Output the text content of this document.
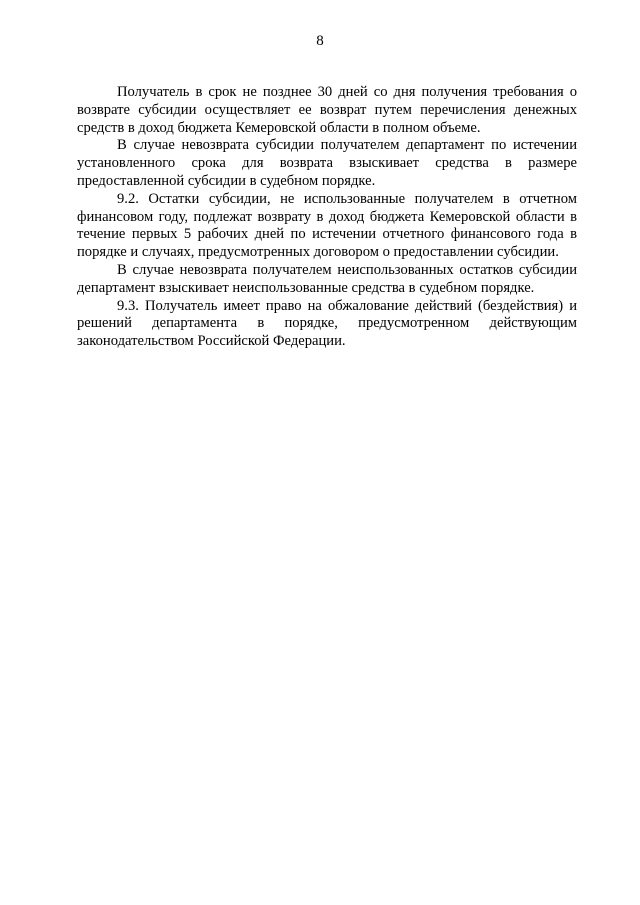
8

Получатель в срок не позднее 30 дней со дня получения требования о возврате субсидии осуществляет ее возврат путем перечисления денежных средств в доход бюджета Кемеровской области в полном объеме.

В случае невозврата субсидии получателем департамент по истечении установленного срока для возврата взыскивает средства в размере предоставленной субсидии в судебном порядке.

9.2. Остатки субсидии, не использованные получателем в отчетном финансовом году, подлежат возврату в доход бюджета Кемеровской области в течение первых 5 рабочих дней по истечении отчетного финансового года в порядке и случаях, предусмотренных договором о предоставлении субсидии.

В случае невозврата получателем неиспользованных остатков субсидии департамент взыскивает неиспользованные средства в судебном порядке.

9.3. Получатель имеет право на обжалование действий (бездействия) и решений департамента в порядке, предусмотренном действующим законодательством Российской Федерации.
